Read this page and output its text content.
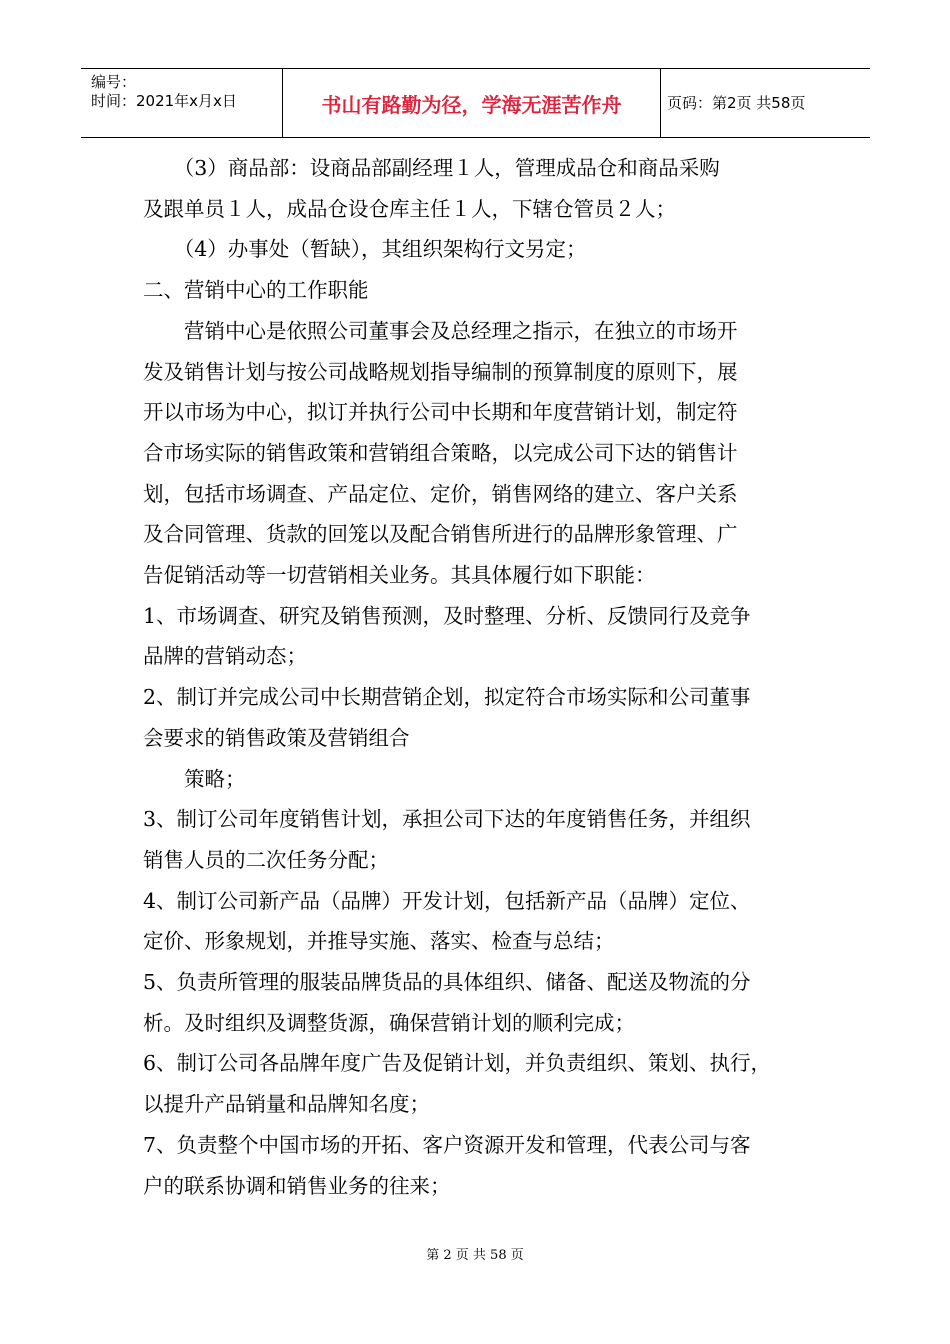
编号：
时间：2021年x月x日	书山有路勤为径，学海无涯苦作舟	页码：第2页 共58页

　　（3）商品部：设商品部副经理１人，管理成品仓和商品采购

及跟单员１人，成品仓设仓库主任１人，下辖仓管员２人；

　　（4）办事处（暂缺），其组织架构行文另定；

二、营销中心的工作职能

　　营销中心是依照公司董事会及总经理之指示，在独立的市场开

发及销售计划与按公司战略规划指导编制的预算制度的原则下，展

开以市场为中心，拟订并执行公司中长期和年度营销计划，制定符

合市场实际的销售政策和营销组合策略，以完成公司下达的销售计

划，包括市场调查、产品定位、定价，销售网络的建立、客户关系

及合同管理、货款的回笼以及配合销售所进行的品牌形象管理、广

告促销活动等一切营销相关业务。其具体履行如下职能：

1、市场调查、研究及销售预测，及时整理、分析、反馈同行及竞争

品牌的营销动态；

2、制订并完成公司中长期营销企划，拟定符合市场实际和公司董事

会要求的销售政策及营销组合

　　策略；

3、制订公司年度销售计划，承担公司下达的年度销售任务，并组织

销售人员的二次任务分配；

4、制订公司新产品（品牌）开发计划，包括新产品（品牌）定位、

定价、形象规划，并推导实施、落实、检查与总结；

5、负责所管理的服装品牌货品的具体组织、储备、配送及物流的分

析。及时组织及调整货源，确保营销计划的顺利完成；

6、制订公司各品牌年度广告及促销计划，并负责组织、策划、执行，

以提升产品销量和品牌知名度；

7、负责整个中国市场的开拓、客户资源开发和管理，代表公司与客

户的联系协调和销售业务的往来；

第 2 页 共 58 页
